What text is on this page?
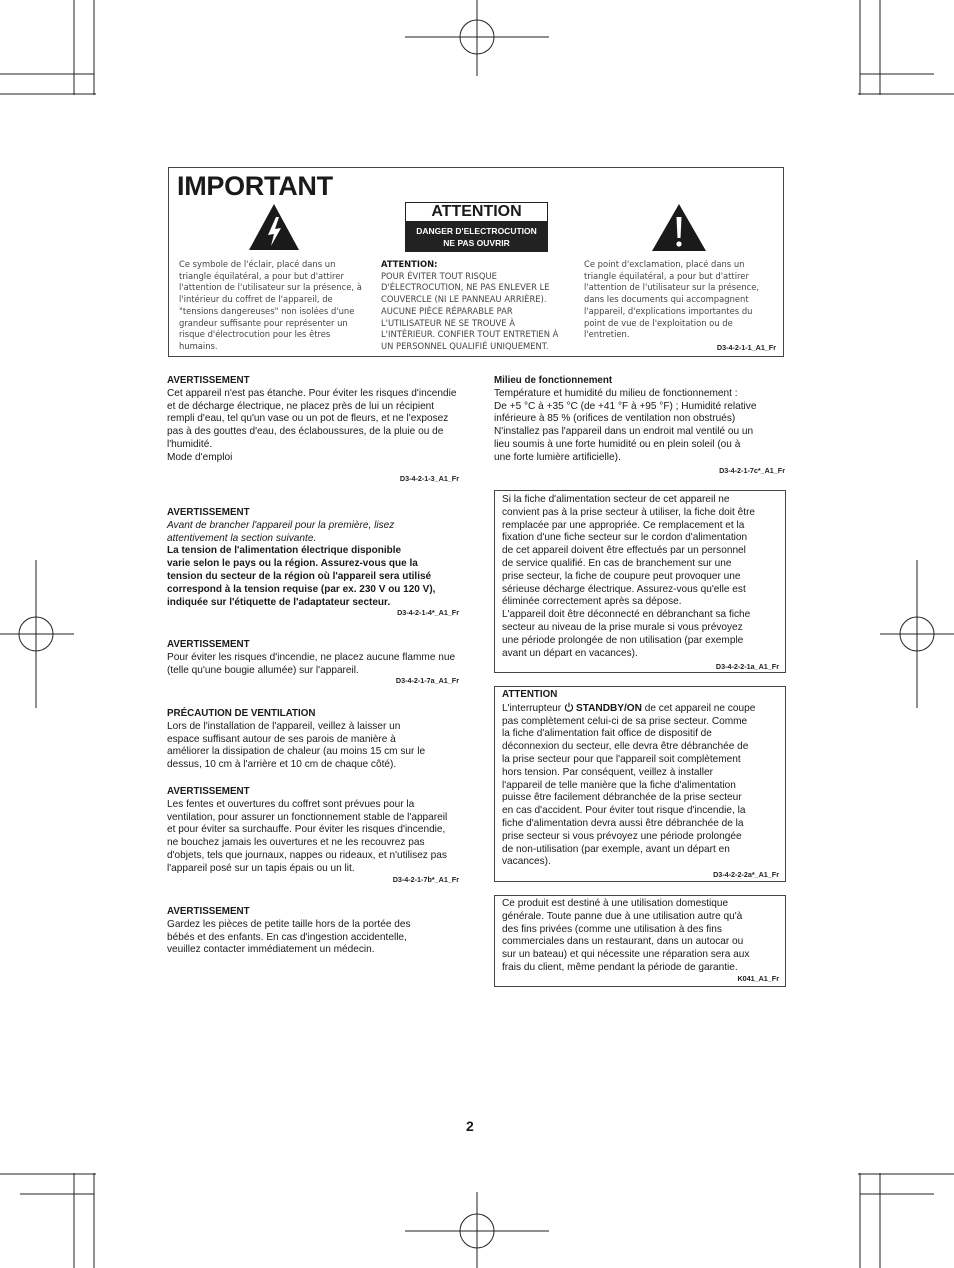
IMPORTANT
ATTENTION
DANGER D'ELECTROCUTION
NE PAS OUVRIR
Ce symbole de l'éclair, placé dans un
triangle équilatéral, a pour but d'attirer
l'attention de l'utilisateur sur la présence, à
l'intérieur du coffret de l'appareil, de
"tensions dangereuses" non isolées d'une
grandeur suffisante pour représenter un
risque d'électrocution pour les êtres
humains.
ATTENTION:
POUR ÉVITER TOUT RISQUE
D'ÉLECTROCUTION, NE PAS ENLEVER LE
COUVERCLE (NI LE PANNEAU ARRIÈRE).
AUCUNE PIÈCE RÉPARABLE PAR
L'UTILISATEUR NE SE TROUVE À
L'INTÉRIEUR. CONFIER TOUT ENTRETIEN À
UN PERSONNEL QUALIFIÉ UNIQUEMENT.
Ce point d'exclamation, placé dans un
triangle équilatéral, a pour but d'attirer
l'attention de l'utilisateur sur la présence,
dans les documents qui accompagnent
l'appareil, d'explications importantes du
point de vue de l'exploitation ou de
l'entretien.
D3-4-2-1-1_A1_Fr
AVERTISSEMENT
Cet appareil n'est pas étanche. Pour éviter les risques d'incendie
et de décharge électrique, ne placez près de lui un récipient
rempli d'eau, tel qu'un vase ou un pot de fleurs, et ne l'exposez
pas à des gouttes d'eau, des éclaboussures, de la pluie ou de
l'humidité.
Mode d'emploi
D3-4-2-1-3_A1_Fr
AVERTISSEMENT
Avant de brancher l'appareil pour la première, lisez
attentivement la section suivante.
La tension de l'alimentation électrique disponible
varie selon le pays ou la région. Assurez-vous que la
tension du secteur de la région où l'appareil sera utilisé
correspond à la tension requise (par ex. 230 V ou 120 V),
indiquée sur l'étiquette de l'adaptateur secteur.
D3-4-2-1-4*_A1_Fr
AVERTISSEMENT
Pour éviter les risques d'incendie, ne placez aucune flamme nue
(telle qu'une bougie allumée) sur l'appareil.
D3-4-2-1-7a_A1_Fr
PRÉCAUTION DE VENTILATION
Lors de l'installation de l'appareil, veillez à laisser un
espace suffisant autour de ses parois de manière à
améliorer la dissipation de chaleur (au moins 15 cm sur le
dessus, 10 cm à l'arrière et 10 cm de chaque côté).
AVERTISSEMENT
Les fentes et ouvertures du coffret sont prévues pour la
ventilation, pour assurer un fonctionnement stable de l'appareil
et pour éviter sa surchauffe. Pour éviter les risques d'incendie,
ne bouchez jamais les ouvertures et ne les recouvrez pas
d'objets, tels que journaux, nappes ou rideaux, et n'utilisez pas
l'appareil posé sur un tapis épais ou un lit.
D3-4-2-1-7b*_A1_Fr
AVERTISSEMENT
Gardez les pièces de petite taille hors de la portée des
bébés et des enfants. En cas d'ingestion accidentelle,
veuillez contacter immédiatement un médecin.
Milieu de fonctionnement
Température et humidité du milieu de fonctionnement :
De +5 °C à +35 °C (de +41 °F à +95 °F) ; Humidité relative
inférieure à 85 % (orifices de ventilation non obstrués)
N'installez pas l'appareil dans un endroit mal ventilé ou un
lieu soumis à une forte humidité ou en plein soleil (ou à
une forte lumière artificielle).
D3-4-2-1-7c*_A1_Fr
Si la fiche d'alimentation secteur de cet appareil ne
convient pas à la prise secteur à utiliser, la fiche doit être
remplacée par une appropriée. Ce remplacement et la
fixation d'une fiche secteur sur le cordon d'alimentation
de cet appareil doivent être effectués par un personnel
de service qualifié. En cas de branchement sur une
prise secteur, la fiche de coupure peut provoquer une
sérieuse décharge électrique. Assurez-vous qu'elle est
éliminée correctement après sa dépose.
L'appareil doit être déconnecté en débranchant sa fiche
secteur au niveau de la prise murale si vous prévoyez
une période prolongée de non utilisation (par exemple
avant un départ en vacances).
D3-4-2-2-1a_A1_Fr
ATTENTION
L'interrupteur STANDBY/ON de cet appareil ne coupe
pas complètement celui-ci de sa prise secteur. Comme
la fiche d'alimentation fait office de dispositif de
déconnexion du secteur, elle devra être débranchée de
la prise secteur pour que l'appareil soit complètement
hors tension. Par conséquent, veillez à installer
l'appareil de telle manière que la fiche d'alimentation
puisse être facilement débranchée de la prise secteur
en cas d'accident. Pour éviter tout risque d'incendie, la
fiche d'alimentation devra aussi être débranchée de la
prise secteur si vous prévoyez une période prolongée
de non-utilisation (par exemple, avant un départ en
vacances).
D3-4-2-2-2a*_A1_Fr
Ce produit est destiné à une utilisation domestique
générale. Toute panne due à une utilisation autre qu'à
des fins privées (comme une utilisation à des fins
commerciales dans un restaurant, dans un autocar ou
sur un bateau) et qui nécessite une réparation sera aux
frais du client, même pendant la période de garantie.
K041_A1_Fr
2
